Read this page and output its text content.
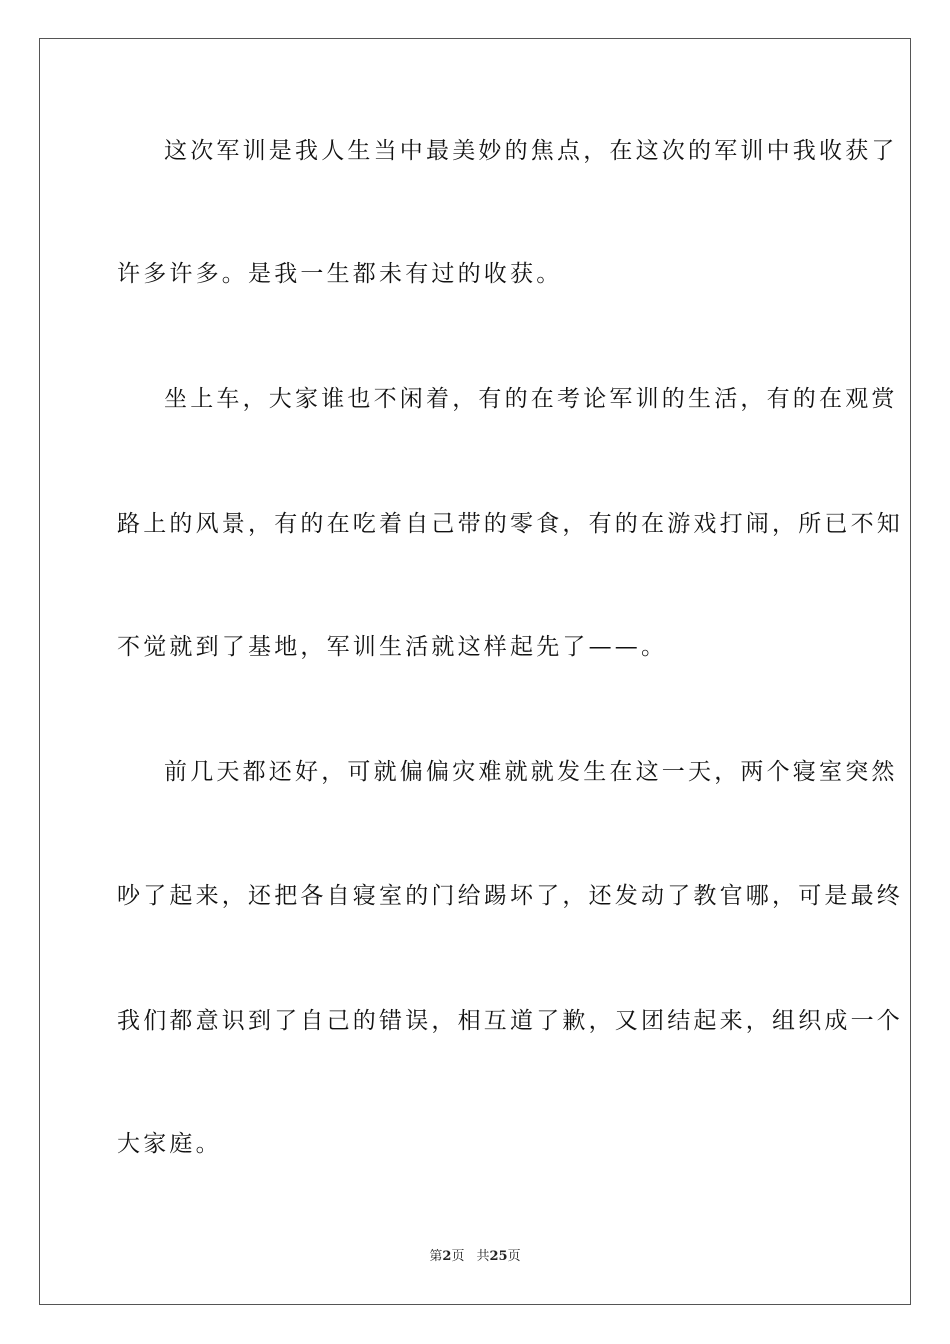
这次军训是我人生当中最美妙的焦点，在这次的军训中我收获了
许多许多。是我一生都未有过的收获。
坐上车，大家谁也不闲着，有的在考论军训的生活，有的在观赏
路上的风景，有的在吃着自己带的零食，有的在游戏打闹，所已不知
不觉就到了基地，军训生活就这样起先了——。
前几天都还好，可就偏偏灾难就就发生在这一天，两个寝室突然
吵了起来，还把各自寝室的门给踢坏了，还发动了教官哪，可是最终
我们都意识到了自己的错误，相互道了歉，又团结起来，组织成一个
大家庭。
第2页 共25页
